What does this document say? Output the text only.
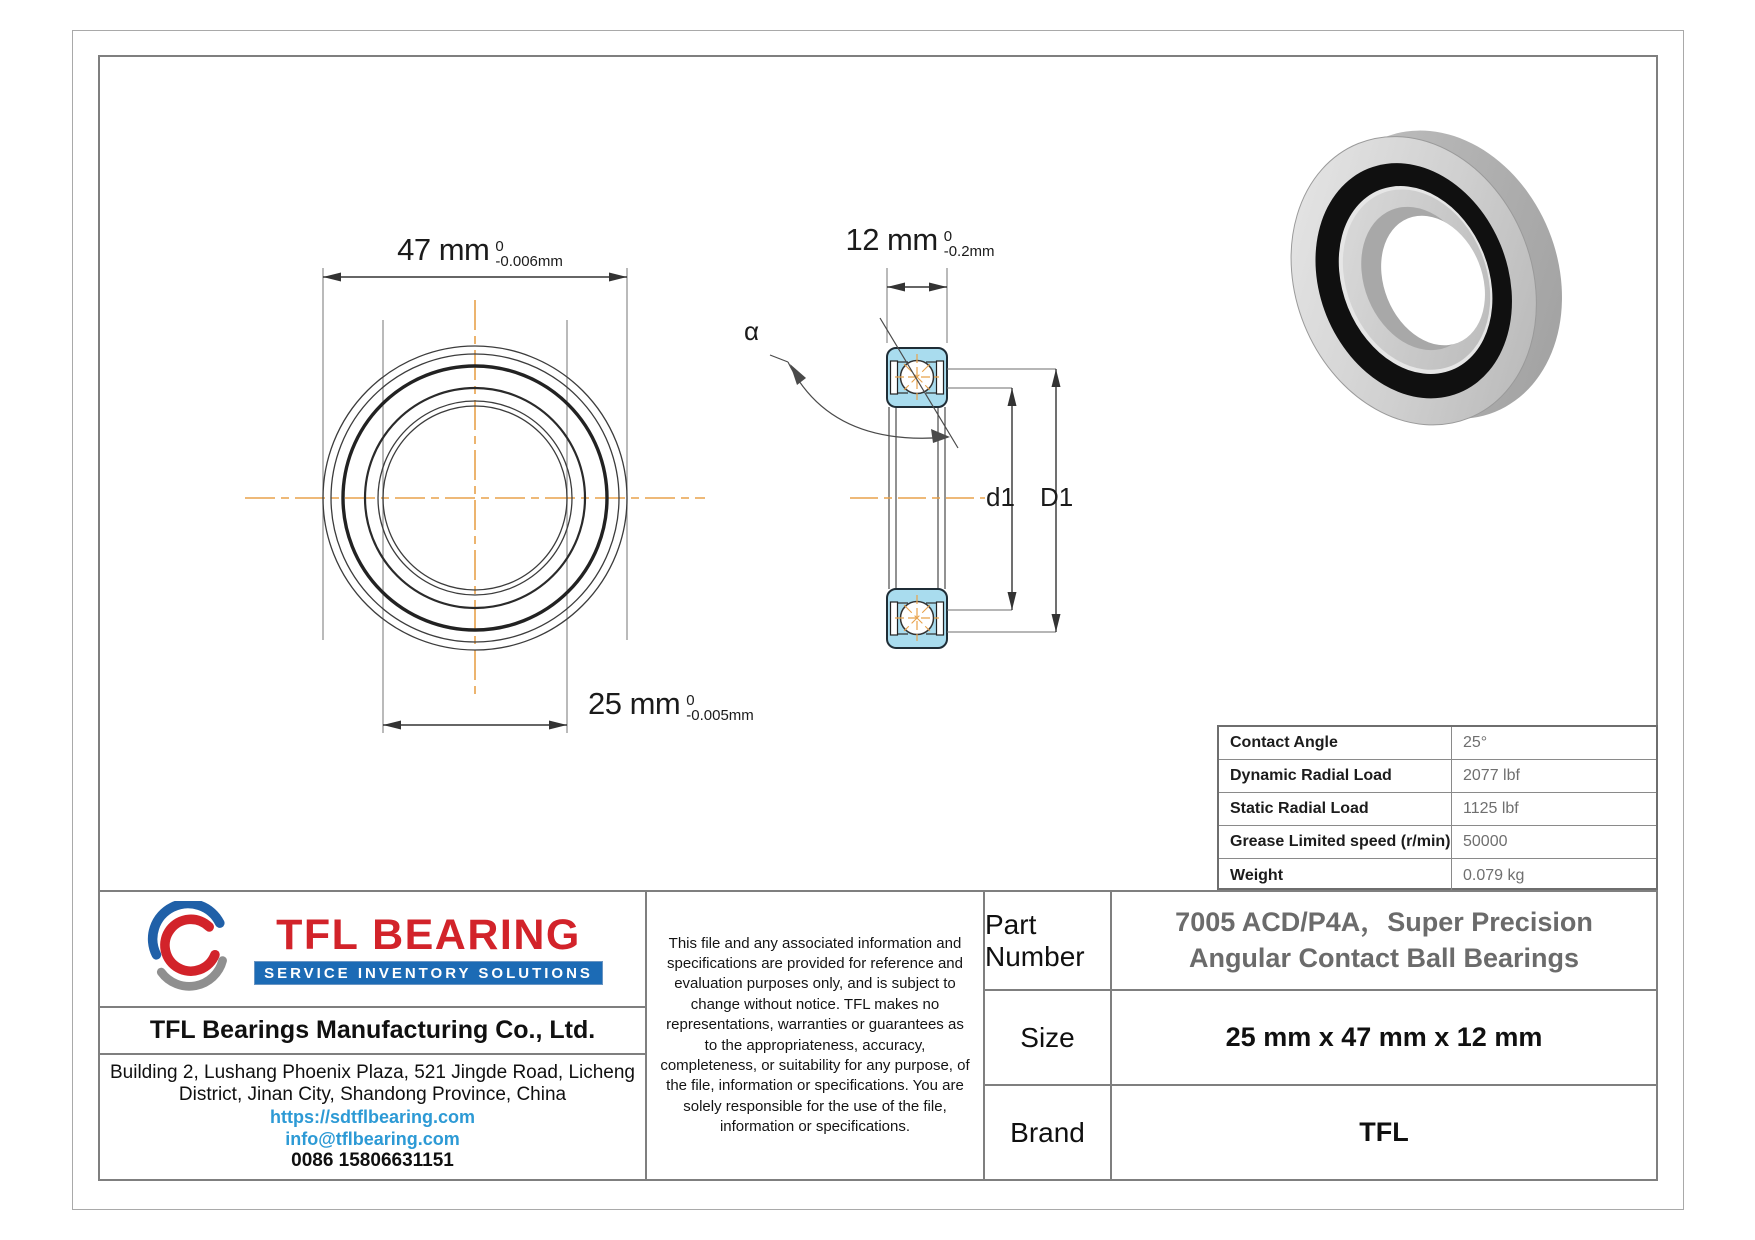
47 mm 0
-0.006mm
25 mm 0
-0.005mm
12 mm 0
-0.2mm
α
d1 D1
Contact Angle	25°
Dynamic Radial Load	2077 lbf
Static Radial Load	1125 lbf
Grease Limited speed (r/min) 50000
Weight	0.079 kg
TFL BEARING
SERVICE INVENTORY SOLUTIONS
TFL Bearings Manufacturing Co., Ltd.
Building 2, Lushang Phoenix Plaza, 521 Jingde Road, Licheng
District, Jinan City, Shandong Province, China
https://sdtflbearing.com
info@tflbearing.com
0086 15806631151
This file and any associated information and specifications are provided for reference and evaluation purposes only, and is subject to change without notice. TFL makes no representations, warranties or guarantees as to the appropriateness, accuracy, completeness, or suitability for any purpose, of the file, information or specifications. You are solely responsible for the use of the file, information or specifications.
Part Number
7005 ACD/P4A，Super Precision Angular Contact Ball Bearings
Size	25 mm x 47 mm x 12 mm
Brand	TFL
